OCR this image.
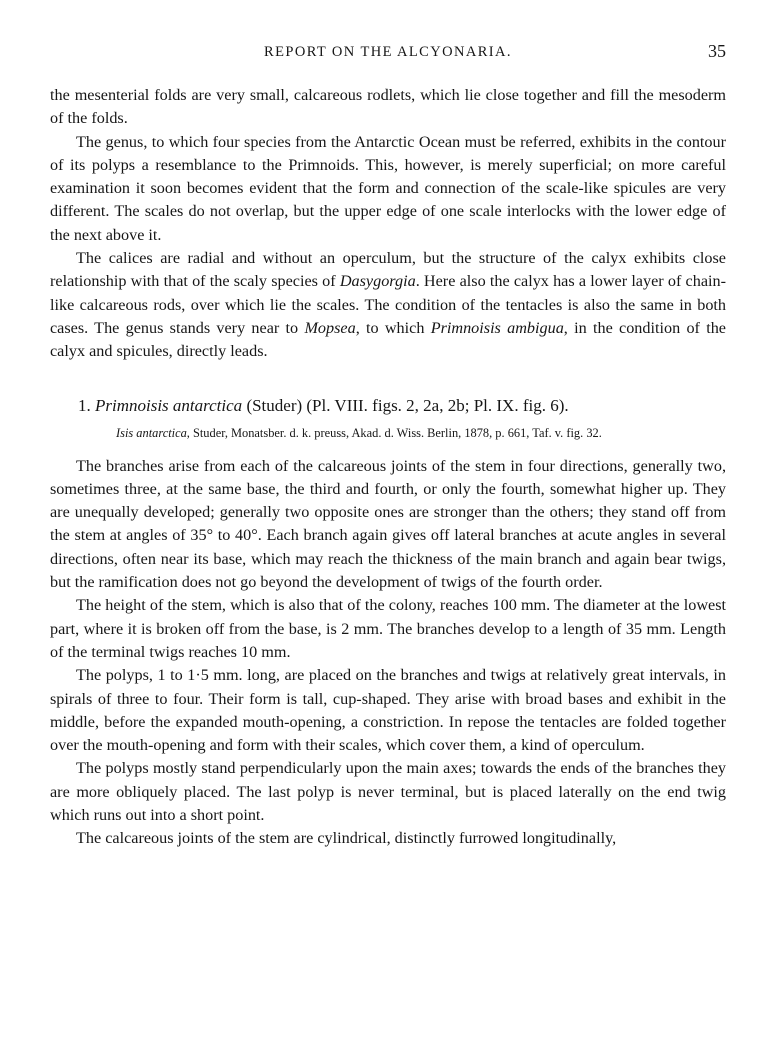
REPORT ON THE ALCYONARIA.	35

the mesenterial folds are very small, calcareous rodlets, which lie close together and fill the mesoderm of the folds.

The genus, to which four species from the Antarctic Ocean must be referred, exhibits in the contour of its polyps a resemblance to the Primnoids. This, however, is merely superficial; on more careful examination it soon becomes evident that the form and connection of the scale-like spicules are very different. The scales do not overlap, but the upper edge of one scale interlocks with the lower edge of the next above it.

The calices are radial and without an operculum, but the structure of the calyx exhibits close relationship with that of the scaly species of Dasygorgia. Here also the calyx has a lower layer of chain-like calcareous rods, over which lie the scales. The condition of the tentacles is also the same in both cases. The genus stands very near to Mopsea, to which Primnoisis ambigua, in the condition of the calyx and spicules, directly leads.

1. Primnoisis antarctica (Studer) (Pl. VIII. figs. 2, 2a, 2b; Pl. IX. fig. 6).
Isis antarctica, Studer, Monatsber. d. k. preuss, Akad. d. Wiss. Berlin, 1878, p. 661, Taf. v. fig. 32.

The branches arise from each of the calcareous joints of the stem in four directions, generally two, sometimes three, at the same base, the third and fourth, or only the fourth, somewhat higher up. They are unequally developed; generally two opposite ones are stronger than the others; they stand off from the stem at angles of 35° to 40°. Each branch again gives off lateral branches at acute angles in several directions, often near its base, which may reach the thickness of the main branch and again bear twigs, but the ramification does not go beyond the development of twigs of the fourth order.

The height of the stem, which is also that of the colony, reaches 100 mm. The diameter at the lowest part, where it is broken off from the base, is 2 mm. The branches develop to a length of 35 mm. Length of the terminal twigs reaches 10 mm.

The polyps, 1 to 1·5 mm. long, are placed on the branches and twigs at relatively great intervals, in spirals of three to four. Their form is tall, cup-shaped. They arise with broad bases and exhibit in the middle, before the expanded mouth-opening, a constriction. In repose the tentacles are folded together over the mouth-opening and form with their scales, which cover them, a kind of operculum.

The polyps mostly stand perpendicularly upon the main axes; towards the ends of the branches they are more obliquely placed. The last polyp is never terminal, but is placed laterally on the end twig which runs out into a short point.

The calcareous joints of the stem are cylindrical, distinctly furrowed longitudinally,
